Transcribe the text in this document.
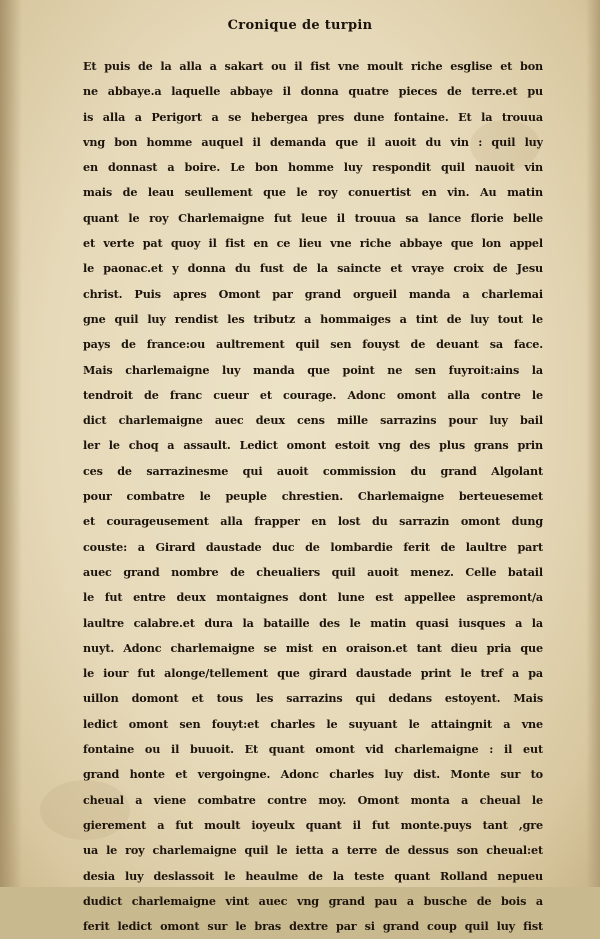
Cronique de turpin
Et puis de la alla a sakart ou il fist vne moult riche esglise et bon
ne abbaye.a laquelle abbaye il donna quatre pieces de terre.et pu
is alla a Perigort a se hebergea pres dune fontaine. Et la trouua
vng bon homme auquel il demanda que il auoit du vin : quil luy
en donnast a boire. Le bon homme luy respondit quil nauoit vin
mais de leau seullement que le roy conuertist en vin. Au matin
quant le roy Charlemaigne fut leue il trouua sa lance florie belle
et verte pat quoy il fist en ce lieu vne riche abbaye que lon appel
le paonac.et y donna du fust de la saincte et vraye croix de Jesu
christ. Puis apres Omont par grand orgueil manda a charlemai
gne quil luy rendist les tributz a hommaiges a tint de luy tout le
pays de france:ou aultrement quil sen fouyst de deuant sa face.
Mais charlemaigne luy manda que point ne sen fuyroit:ains la
tendroit de franc cueur et courage. Adonc omont alla contre le
dict charlemaigne auec deux cens mille sarrazins pour luy bail
ler le choq a assault. Ledict omont estoit vng des plus grans prin
ces de sarrazinesme qui auoit commission du grand Algolant
pour combatre le peuple chrestien. Charlemaigne berteuesemet
et courageusement alla frapper en lost du sarrazin omont dung
couste: a Girard daustade duc de lombardie ferit de laultre part
auec grand nombre de cheualiers quil auoit menez. Celle batail
le fut entre deux montaignes dont lune est appellee aspremont/a
laultre calabre.et dura la bataille des le matin quasi iusques a la
nuyt. Adonc charlemaigne se mist en oraison.et tant dieu pria que
le iour fut alonge/tellement que girard daustade print le tref a pa
uillon domont et tous les sarrazins qui dedans estoyent. Mais
ledict omont sen fouyt:et charles le suyuant le attaingnit a vne
fontaine ou il buuoit. Et quant omont vid charlemaigne : il eut
grand honte et vergoingne. Adonc charles luy dist. Monte sur to
cheual a viene combatre contre moy. Omont monta a cheual le
gierement a fut moult ioyeulx quant il fut monte.puys tant ,gre
ua le roy charlemaigne quil le ietta a terre de dessus son cheual:et
desia luy deslassoit le heaulme de la teste quant Rolland nepueu
dudict charlemaigne vint auec vng grand pau a busche de bois a
ferit ledict omont sur le bras dextre par si grand coup quil luy fist
